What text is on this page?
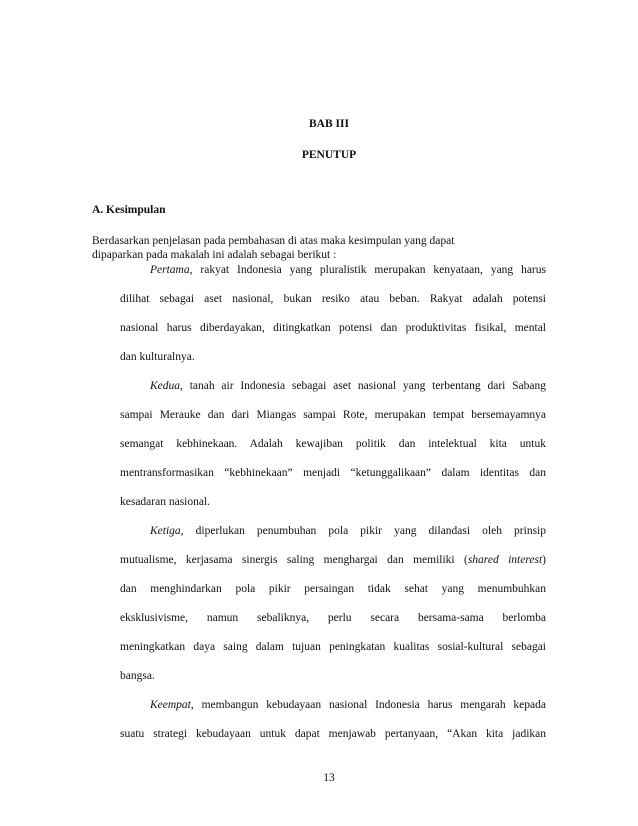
BAB III
PENUTUP
A. Kesimpulan
Berdasarkan penjelasan pada pembahasan di atas maka kesimpulan yang dapat
dipaparkan pada makalah ini adalah sebagai berikut :
Pertama, rakyat Indonesia yang pluralistik merupakan kenyataan, yang harus
dilihat sebagai aset nasional, bukan resiko atau beban. Rakyat adalah potensi
nasional harus diberdayakan, ditingkatkan potensi dan produktivitas fisikal, mental
dan kulturalnya.
Kedua, tanah air Indonesia sebagai aset nasional yang terbentang dari Sabang
sampai Merauke dan dari Miangas sampai Rote, merupakan tempat bersemayamnya
semangat kebhinekaan. Adalah kewajiban politik dan intelektual kita untuk
mentransformasikan “kebhinekaan” menjadi “ketunggalikaan” dalam identitas dan
kesadaran nasional.
Ketiga, diperlukan penumbuhan pola pikir yang dilandasi oleh prinsip
mutualisme, kerjasama sinergis saling menghargai dan memiliki (shared interest)
dan menghindarkan pola pikir persaingan tidak sehat yang menumbuhkan
eksklusivisme, namun sebaliknya, perlu secara bersama-sama berlomba
meningkatkan daya saing dalam tujuan peningkatan kualitas sosial-kultural sebagai
bangsa.
Keempat, membangun kebudayaan nasional Indonesia harus mengarah kepada
suatu strategi kebudayaan untuk dapat menjawab pertanyaan, “Akan kita jadikan
13
